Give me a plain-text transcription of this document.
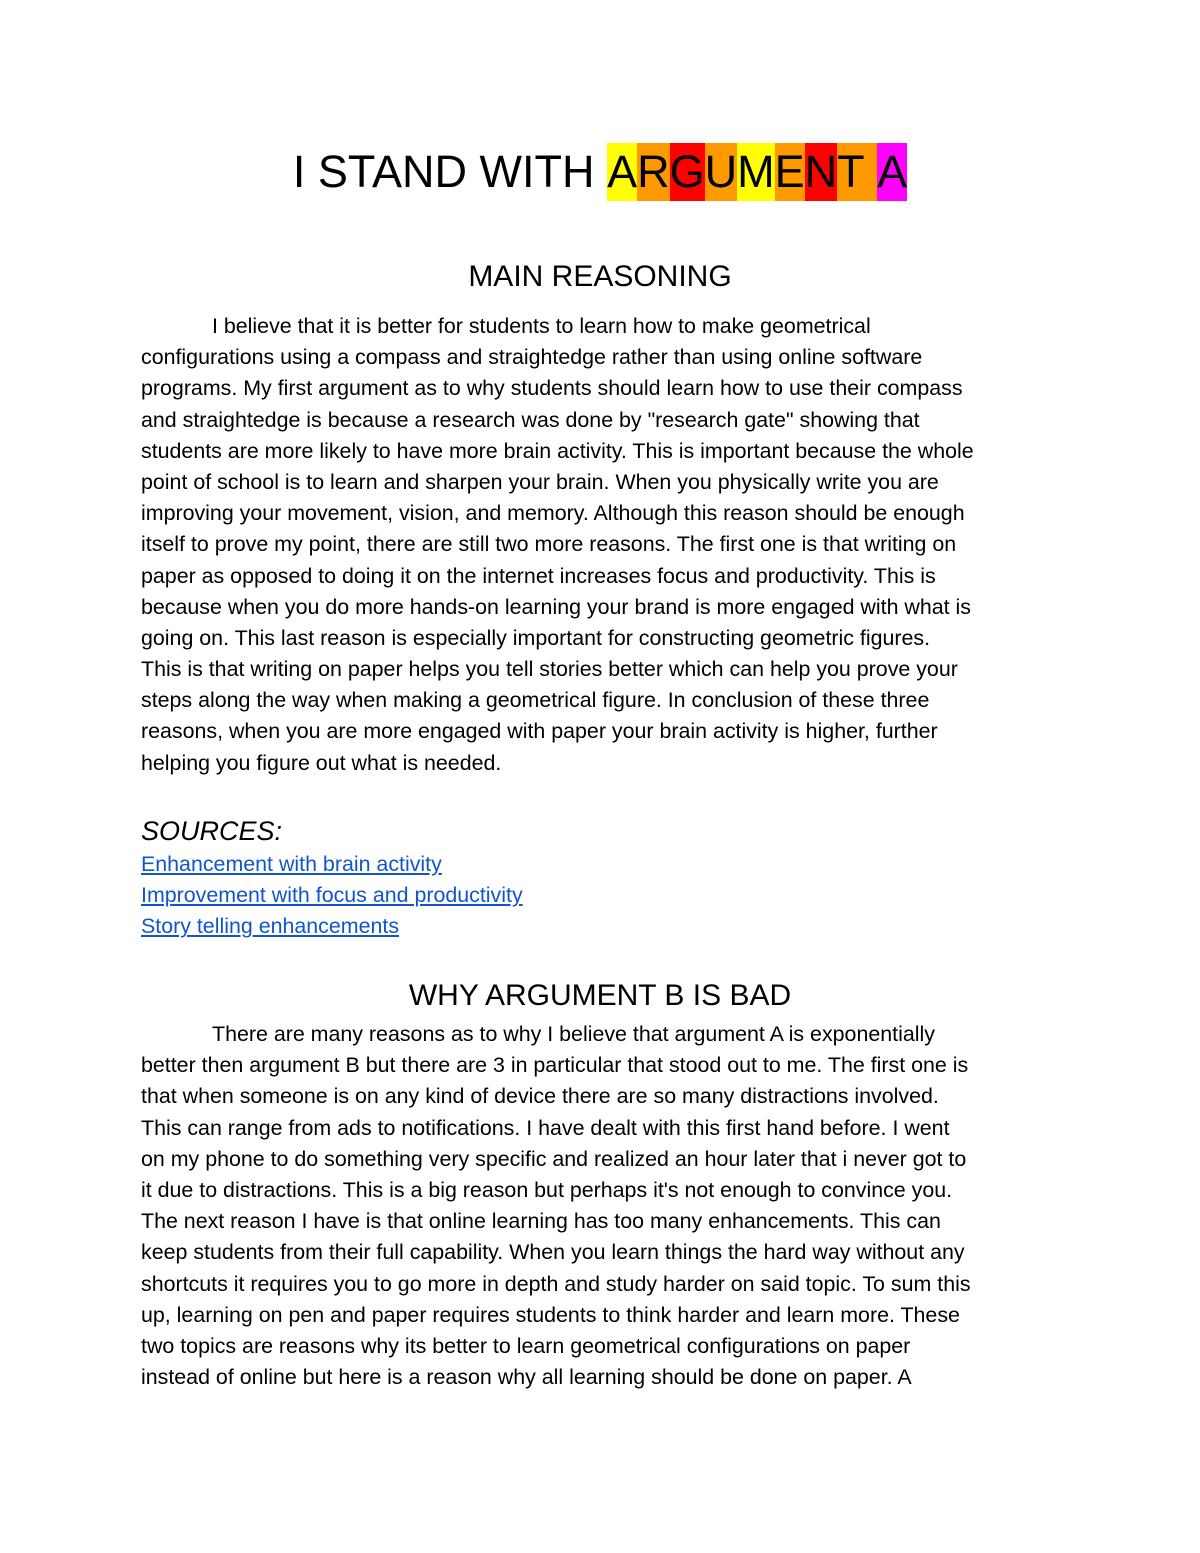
I STAND WITH ARGUMENT A
MAIN REASONING
I believe that it is better for students to learn how to make geometrical
configurations using a compass and straightedge rather than using online software
programs. My first argument as to why students should learn how to use their compass
and straightedge is because a research was done by "research gate" showing that
students are more likely to have more brain activity. This is important because the whole
point of school is to learn and sharpen your brain. When you physically write you are
improving your movement, vision, and memory. Although this reason should be enough
itself to prove my point, there are still two more reasons. The first one is that writing on
paper as opposed to doing it on the internet increases focus and productivity. This is
because when you do more hands-on learning your brand is more engaged with what is
going on. This last reason is especially important for constructing geometric figures.
This is that writing on paper helps you tell stories better which can help you prove your
steps along the way when making a geometrical figure. In conclusion of these three
reasons, when you are more engaged with paper your brain activity is higher, further
helping you figure out what is needed.
SOURCES:
Enhancement with brain activity
Improvement with focus and productivity
Story telling enhancements
WHY ARGUMENT B IS BAD
There are many reasons as to why I believe that argument A is exponentially
better then argument B but there are 3 in particular that stood out to me. The first one is
that when someone is on any kind of device there are so many distractions involved.
This can range from ads to notifications. I have dealt with this first hand before. I went
on my phone to do something very specific and realized an hour later that i never got to
it due to distractions. This is a big reason but perhaps it's not enough to convince you.
The next reason I have is that online learning has too many enhancements. This can
keep students from their full capability. When you learn things the hard way without any
shortcuts it requires you to go more in depth and study harder on said topic. To sum this
up, learning on pen and paper requires students to think harder and learn more. These
two topics are reasons why its better to learn geometrical configurations on paper
instead of online but here is a reason why all learning should be done on paper. A
